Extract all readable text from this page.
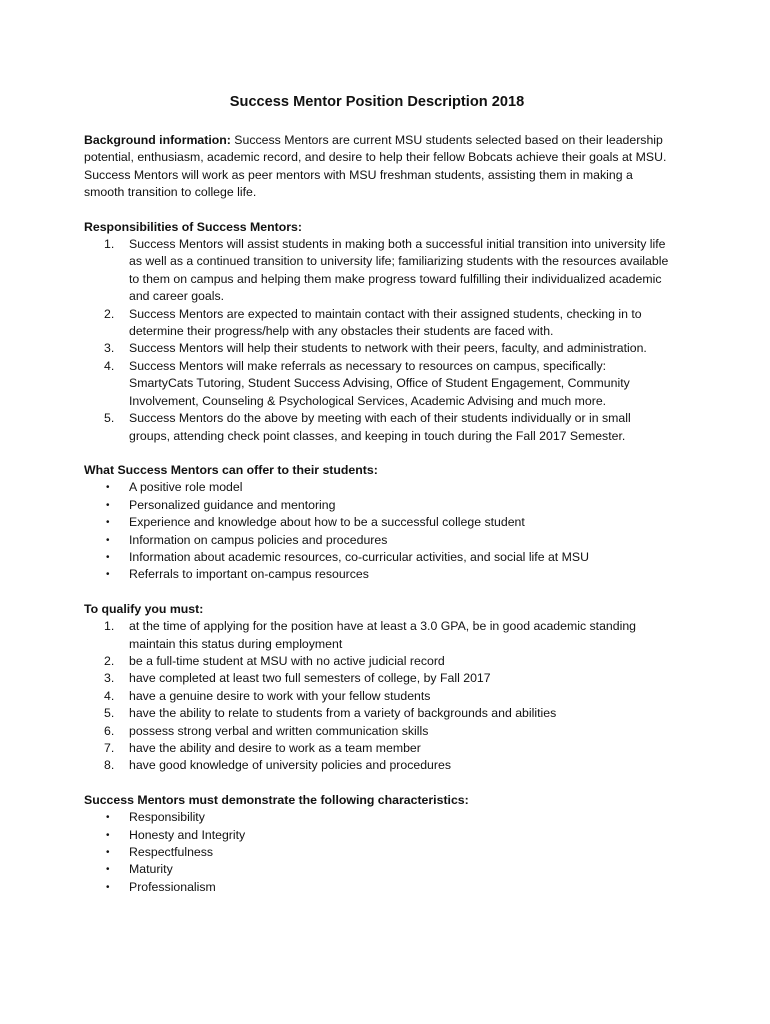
Success Mentor Position Description 2018

Background information: Success Mentors are current MSU students selected based on their leadership potential, enthusiasm, academic record, and desire to help their fellow Bobcats achieve their goals at MSU. Success Mentors will work as peer mentors with MSU freshman students, assisting them in making a smooth transition to college life.

Responsibilities of Success Mentors:

1.	Success Mentors will assist students in making both a successful initial transition into university life as well as a continued transition to university life; familiarizing students with the resources available to them on campus and helping them make progress toward fulfilling their individualized academic and career goals.
2.	Success Mentors are expected to maintain contact with their assigned students, checking in to determine their progress/help with any obstacles their students are faced with.
3.	Success Mentors will help their students to network with their peers, faculty, and administration.
4.	Success Mentors will make referrals as necessary to resources on campus, specifically: SmartyCats Tutoring, Student Success Advising, Office of Student Engagement, Community Involvement, Counseling & Psychological Services, Academic Advising and much more.
5.	Success Mentors do the above by meeting with each of their students individually or in small groups, attending check point classes, and keeping in touch during the Fall 2017 Semester.

What Success Mentors can offer to their students:

•	A positive role model
•	Personalized guidance and mentoring
•	Experience and knowledge about how to be a successful college student
•	Information on campus policies and procedures
•	Information about academic resources, co-curricular activities, and social life at MSU
•	Referrals to important on-campus resources

To qualify you must:

1.	at the time of applying for the position have at least a 3.0 GPA, be in good academic standing maintain this status during employment
2.	be a full-time student at MSU with no active judicial record
3.	have completed at least two full semesters of college, by Fall 2017
4.	have a genuine desire to work with your fellow students
5.	have the ability to relate to students from a variety of backgrounds and abilities
6.	possess strong verbal and written communication skills
7.	have the ability and desire to work as a team member
8.	have good knowledge of university policies and procedures

Success Mentors must demonstrate the following characteristics:

•	Responsibility
•	Honesty and Integrity
•	Respectfulness
•	Maturity
•	Professionalism
